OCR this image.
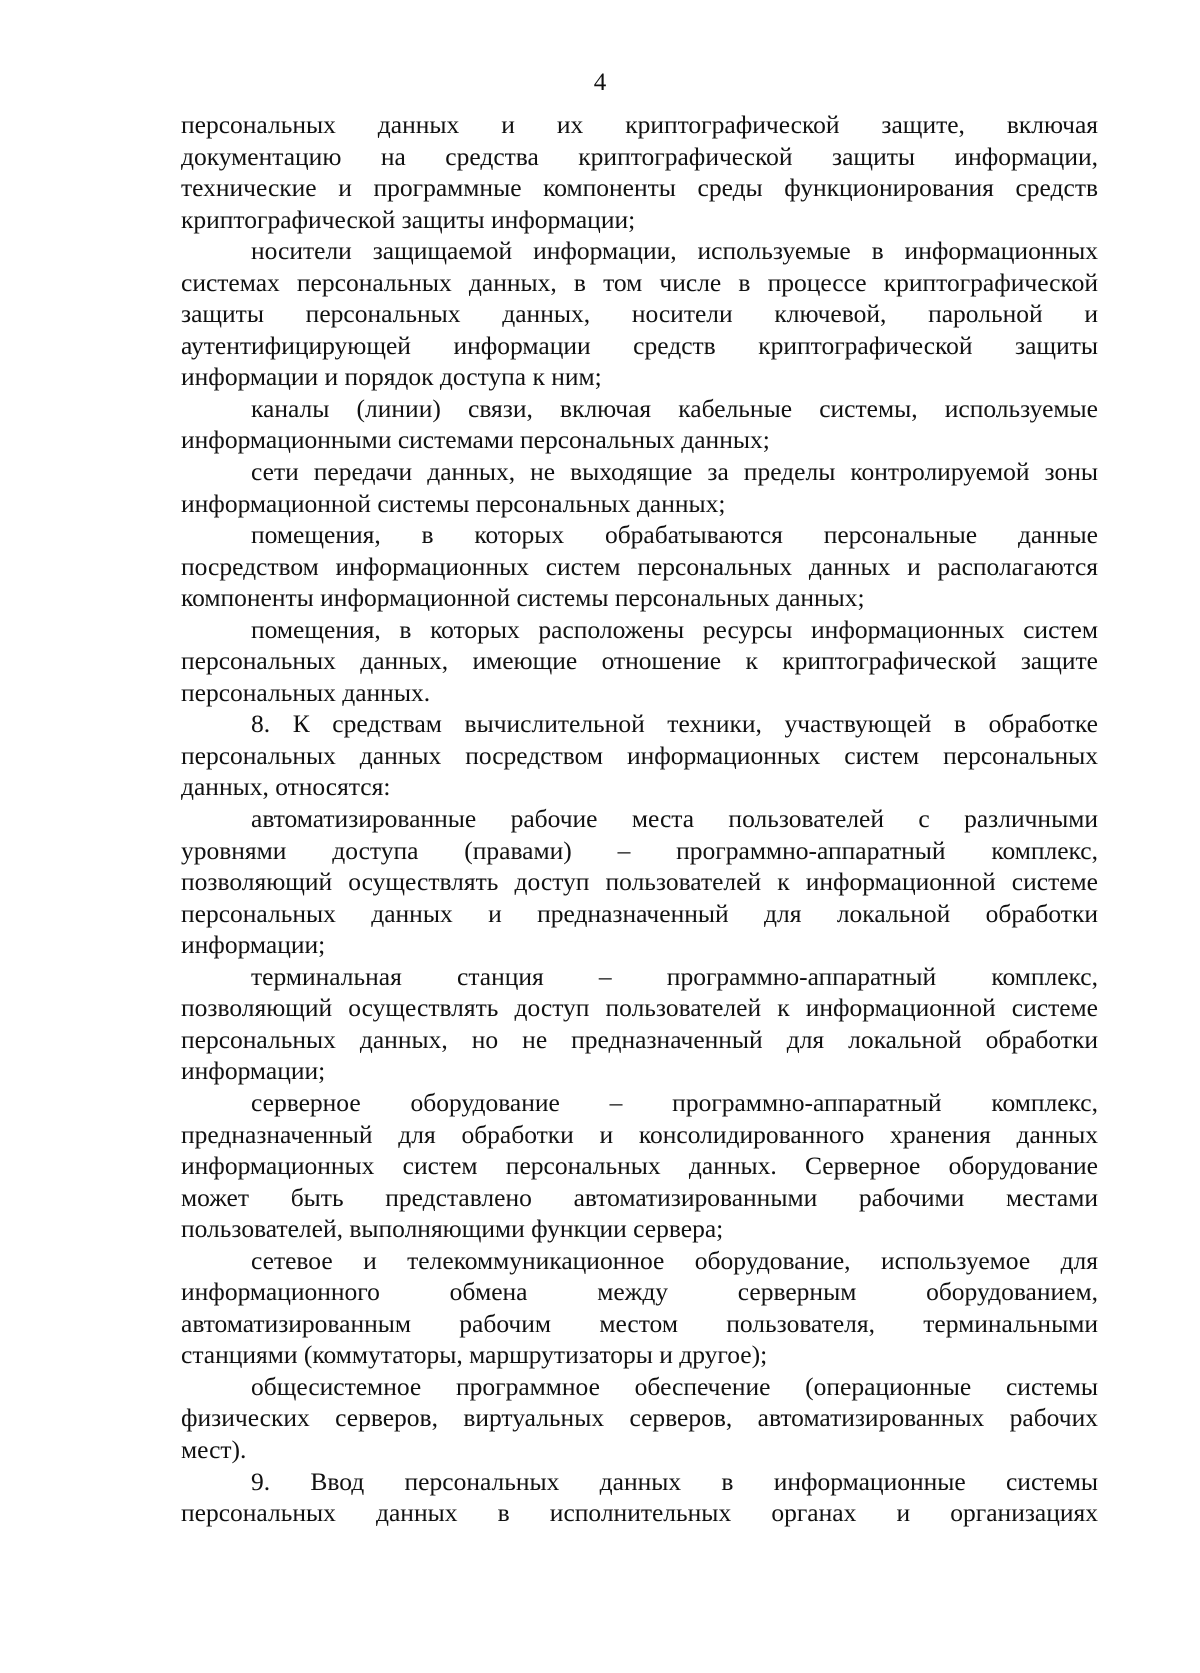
4
персональных данных и их криптографической защите, включая
документацию на средства криптографической защиты информации,
технические и программные компоненты среды функционирования средств
криптографической защиты информации;
носители защищаемой информации, используемые в информационных
системах персональных данных, в том числе в процессе криптографической
защиты персональных данных, носители ключевой, парольной и
аутентифицирующей информации средств криптографической защиты
информации и порядок доступа к ним;
каналы (линии) связи, включая кабельные системы, используемые
информационными системами персональных данных;
сети передачи данных, не выходящие за пределы контролируемой зоны
информационной системы персональных данных;
помещения, в которых обрабатываются персональные данные
посредством информационных систем персональных данных и располагаются
компоненты информационной системы персональных данных;
помещения, в которых расположены ресурсы информационных систем
персональных данных, имеющие отношение к криптографической защите
персональных данных.
8. К средствам вычислительной техники, участвующей в обработке
персональных данных посредством информационных систем персональных
данных, относятся:
автоматизированные рабочие места пользователей с различными
уровнями доступа (правами) – программно-аппаратный комплекс,
позволяющий осуществлять доступ пользователей к информационной системе
персональных данных и предназначенный для локальной обработки
информации;
терминальная станция – программно-аппаратный комплекс,
позволяющий осуществлять доступ пользователей к информационной системе
персональных данных, но не предназначенный для локальной обработки
информации;
серверное оборудование – программно-аппаратный комплекс,
предназначенный для обработки и консолидированного хранения данных
информационных систем персональных данных. Серверное оборудование
может быть представлено автоматизированными рабочими местами
пользователей, выполняющими функции сервера;
сетевое и телекоммуникационное оборудование, используемое для
информационного обмена между серверным оборудованием,
автоматизированным рабочим местом пользователя, терминальными
станциями (коммутаторы, маршрутизаторы и другое);
общесистемное программное обеспечение (операционные системы
физических серверов, виртуальных серверов, автоматизированных рабочих
мест).
9. Ввод персональных данных в информационные системы
персональных данных в исполнительных органах и организациях
